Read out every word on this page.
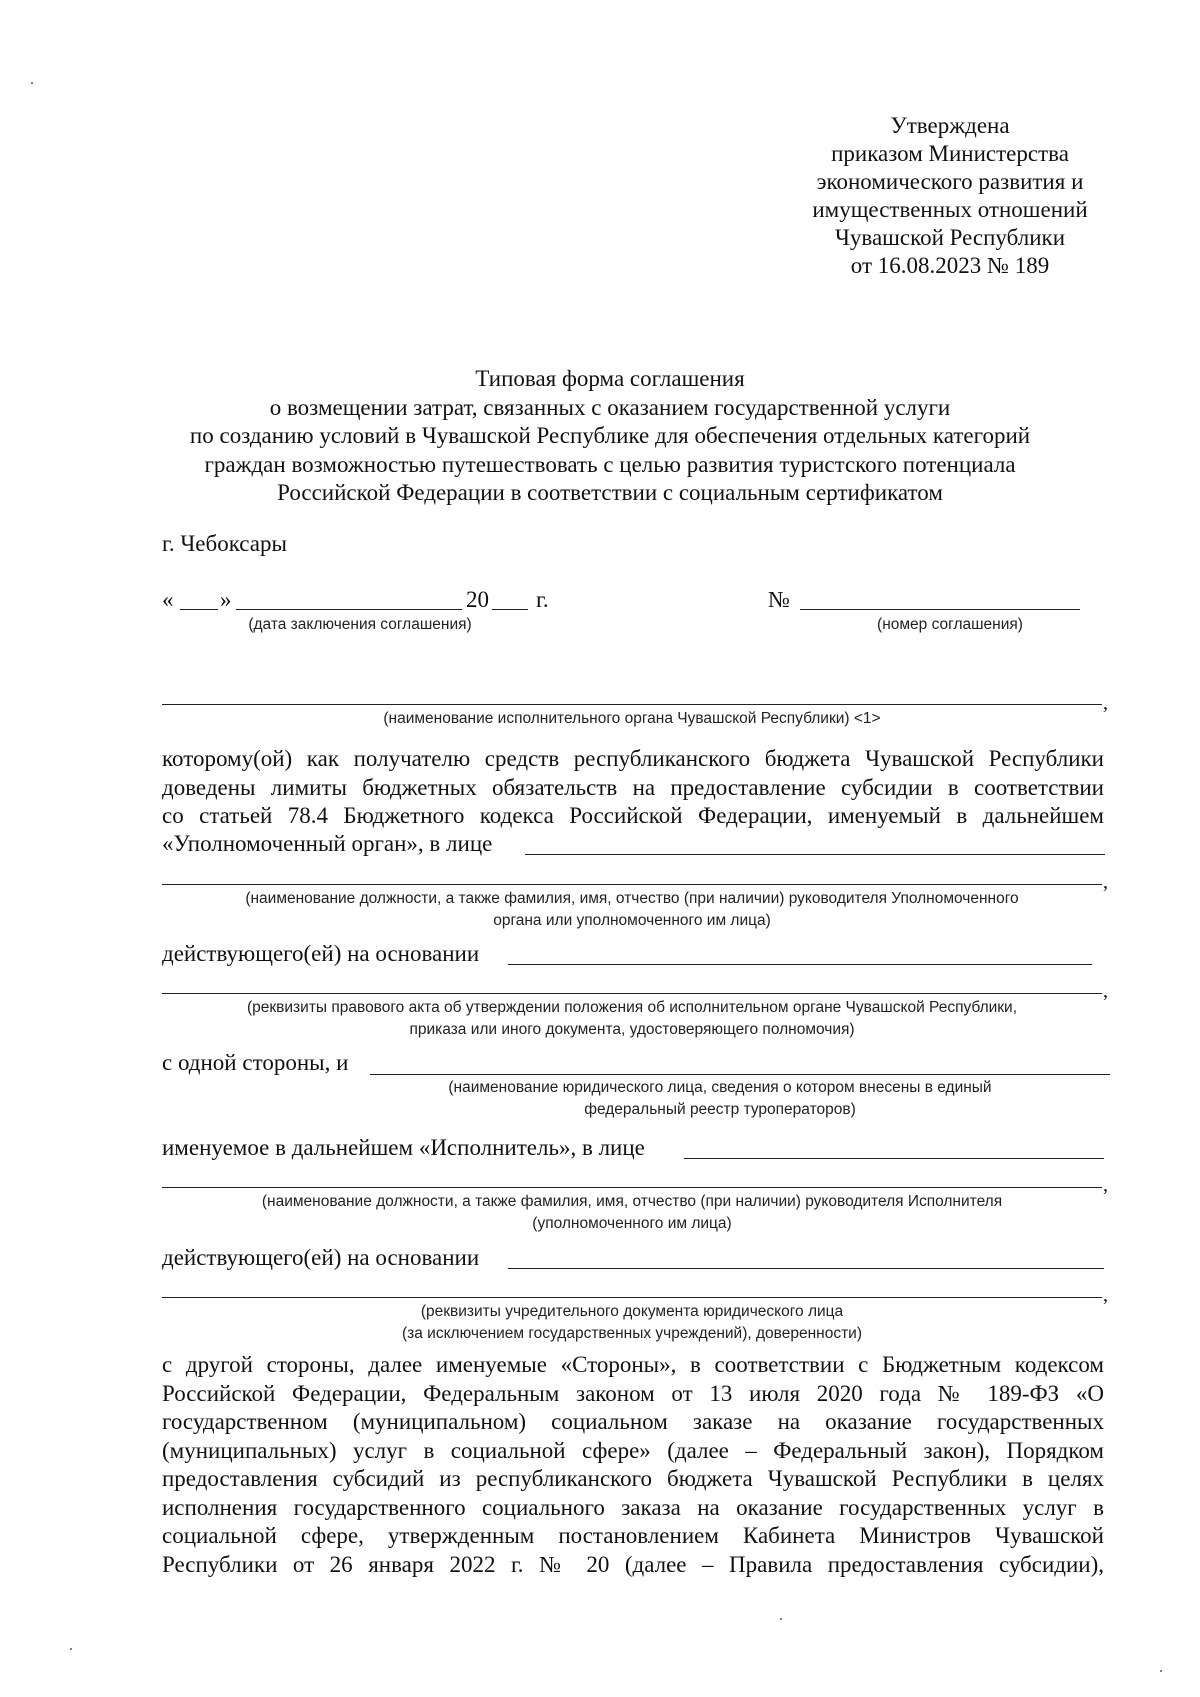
Утверждена
приказом Министерства
экономического развития и
имущественных отношений
Чувашской Республики
от 16.08.2023 № 189
Типовая форма соглашения
о возмещении затрат, связанных с оказанием государственной услуги
по созданию условий в Чувашской Республике для обеспечения отдельных категорий
граждан возможностью путешествовать с целью развития туристского потенциала
Российской Федерации в соответствии с социальным сертификатом
г. Чебоксары
« »	20 г.
(дата заключения соглашения)
№
(номер соглашения)
,
(наименование исполнительного органа Чувашской Республики) <1>
которому(ой) как получателю средств республиканского бюджета Чувашской Республики
доведены лимиты бюджетных обязательств на предоставление субсидии в соответствии
со статьей 78.4 Бюджетного кодекса Российской Федерации, именуемый в дальнейшем
«Уполномоченный орган», в лице
,
(наименование должности, а также фамилия, имя, отчество (при наличии) руководителя Уполномоченного
органа или уполномоченного им лица)
действующего(ей) на основании
,
(реквизиты правового акта об утверждении положения об исполнительном органе Чувашской Республики,
приказа или иного документа, удостоверяющего полномочия)
с одной стороны, и
(наименование юридического лица, сведения о котором внесены в единый
федеральный реестр туроператоров)
именуемое в дальнейшем «Исполнитель», в лице
,
(наименование должности, а также фамилия, имя, отчество (при наличии) руководителя Исполнителя
(уполномоченного им лица)
действующего(ей) на основании
,
(реквизиты учредительного документа юридического лица
(за исключением государственных учреждений), доверенности)
с другой стороны, далее именуемые «Стороны», в соответствии с Бюджетным кодексом
Российской Федерации, Федеральным законом от 13 июля 2020 года № 189-ФЗ «О
государственном (муниципальном) социальном заказе на оказание государственных
(муниципальных) услуг в социальной сфере» (далее – Федеральный закон), Порядком
предоставления субсидий из республиканского бюджета Чувашской Республики в целях
исполнения государственного социального заказа на оказание государственных услуг в
социальной сфере, утвержденным постановлением Кабинета Министров Чувашской
Республики от 26 января 2022 г. № 20 (далее – Правила предоставления субсидии),
